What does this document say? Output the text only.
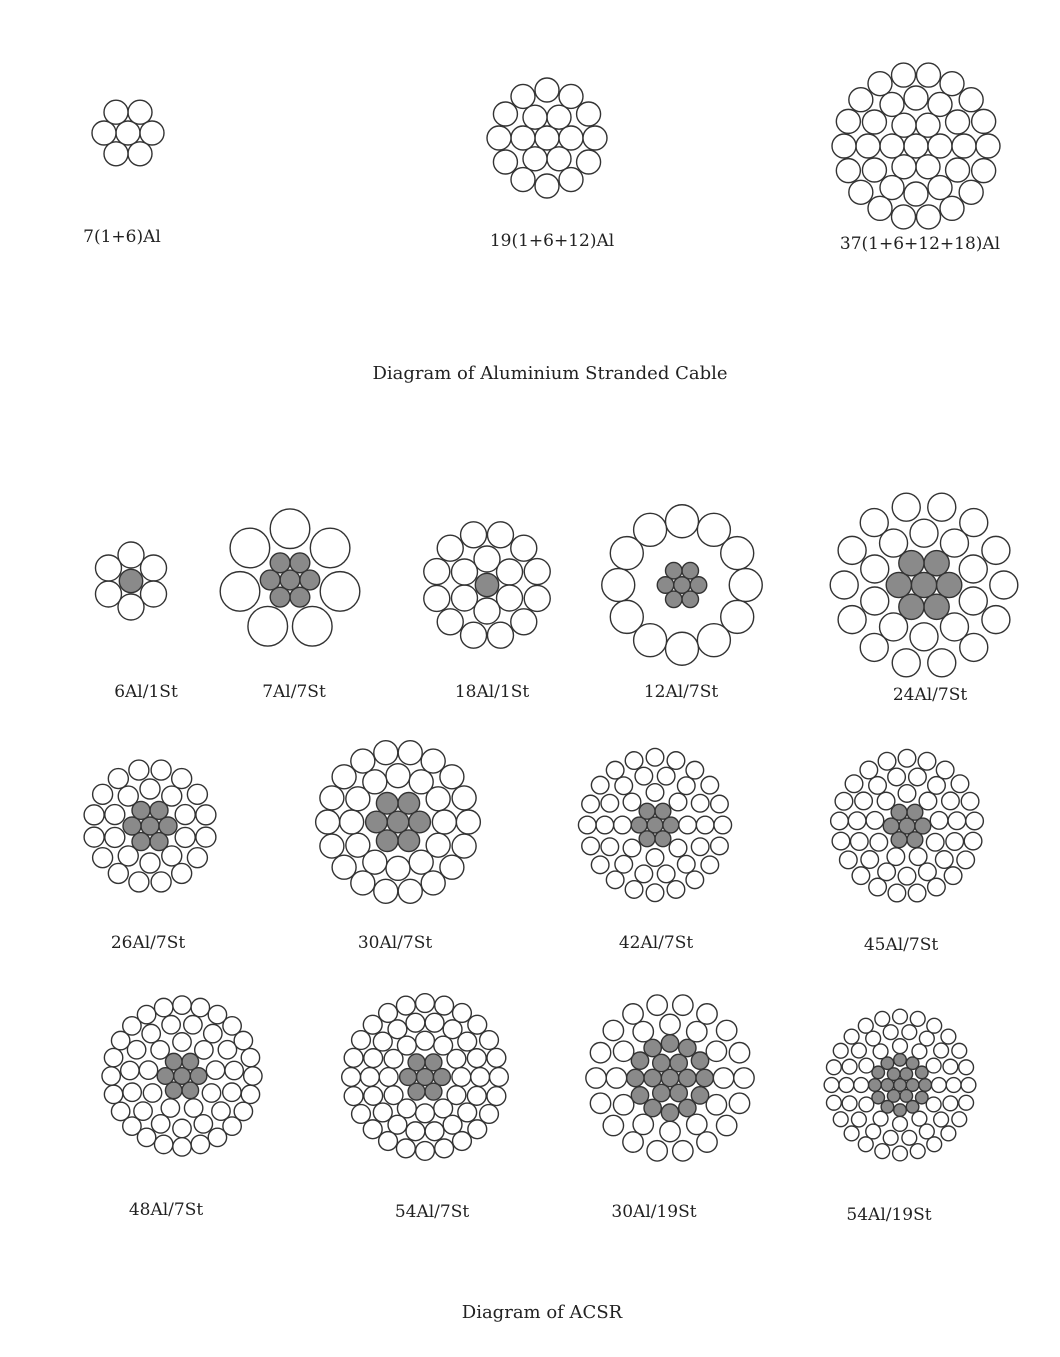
7(1+6)Al	19(1+6+12)Al	37(1+6+12+18)Al
Diagram of Aluminium Stranded Cable
6Al/1St	7Al/7St	18Al/1St	12Al/7St	24Al/7St
26Al/7St	30Al/7St	42Al/7St	45Al/7St
48Al/7St	54Al/7St	30Al/19St	54Al/19St
Diagram of ACSR
